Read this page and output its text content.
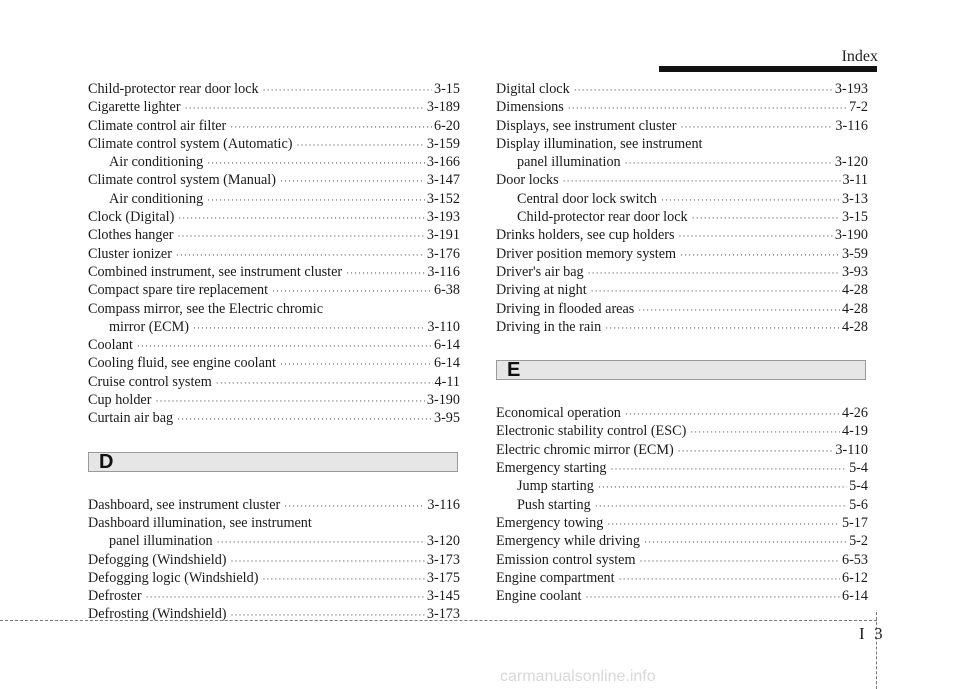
Index
Child-protector rear door lock ·····	3-15
Cigarette lighter ·····	3-189
Climate control air filter ·····	6-20
Climate control system (Automatic) ·····	3-159
Air conditioning ·····	3-166
Climate control system (Manual) ·····	3-147
Air conditioning ·····	3-152
Clock (Digital) ·····	3-193
Clothes hanger ·····	3-191
Cluster ionizer ·····	3-176
Combined instrument, see instrument cluster ·····	3-116
Compact spare tire replacement ·····	6-38
Compass mirror, see the Electric chromic
mirror (ECM) ·····	3-110
Coolant ·····	6-14
Cooling fluid, see engine coolant ·····	6-14
Cruise control system ·····	4-11
Cup holder ·····	3-190
Curtain air bag ·····	3-95
D
Dashboard, see instrument cluster ·····	3-116
Dashboard illumination, see instrument
panel illumination ·····	3-120
Defogging (Windshield) ·····	3-173
Defogging logic (Windshield) ·····	3-175
Defroster ·····	3-145
Defrosting (Windshield) ·····	3-173
Digital clock ·····	3-193
Dimensions ·····	7-2
Displays, see instrument cluster ·····	3-116
Display illumination, see instrument
panel illumination ·····	3-120
Door locks ·····	3-11
Central door lock switch ·····	3-13
Child-protector rear door lock ·····	3-15
Drinks holders, see cup holders ·····	3-190
Driver position memory system ·····	3-59
Driver's air bag ·····	3-93
Driving at night ·····	4-28
Driving in flooded areas ·····	4-28
Driving in the rain ·····	4-28
E
Economical operation ·····	4-26
Electronic stability control (ESC) ·····	4-19
Electric chromic mirror (ECM) ·····	3-110
Emergency starting ·····	5-4
Jump starting ·····	5-4
Push starting ·····	5-6
Emergency towing ·····	5-17
Emergency while driving ·····	5-2
Emission control system ·····	6-53
Engine compartment ·····	6-12
Engine coolant ·····	6-14
I 3
carmanualsonline.info
